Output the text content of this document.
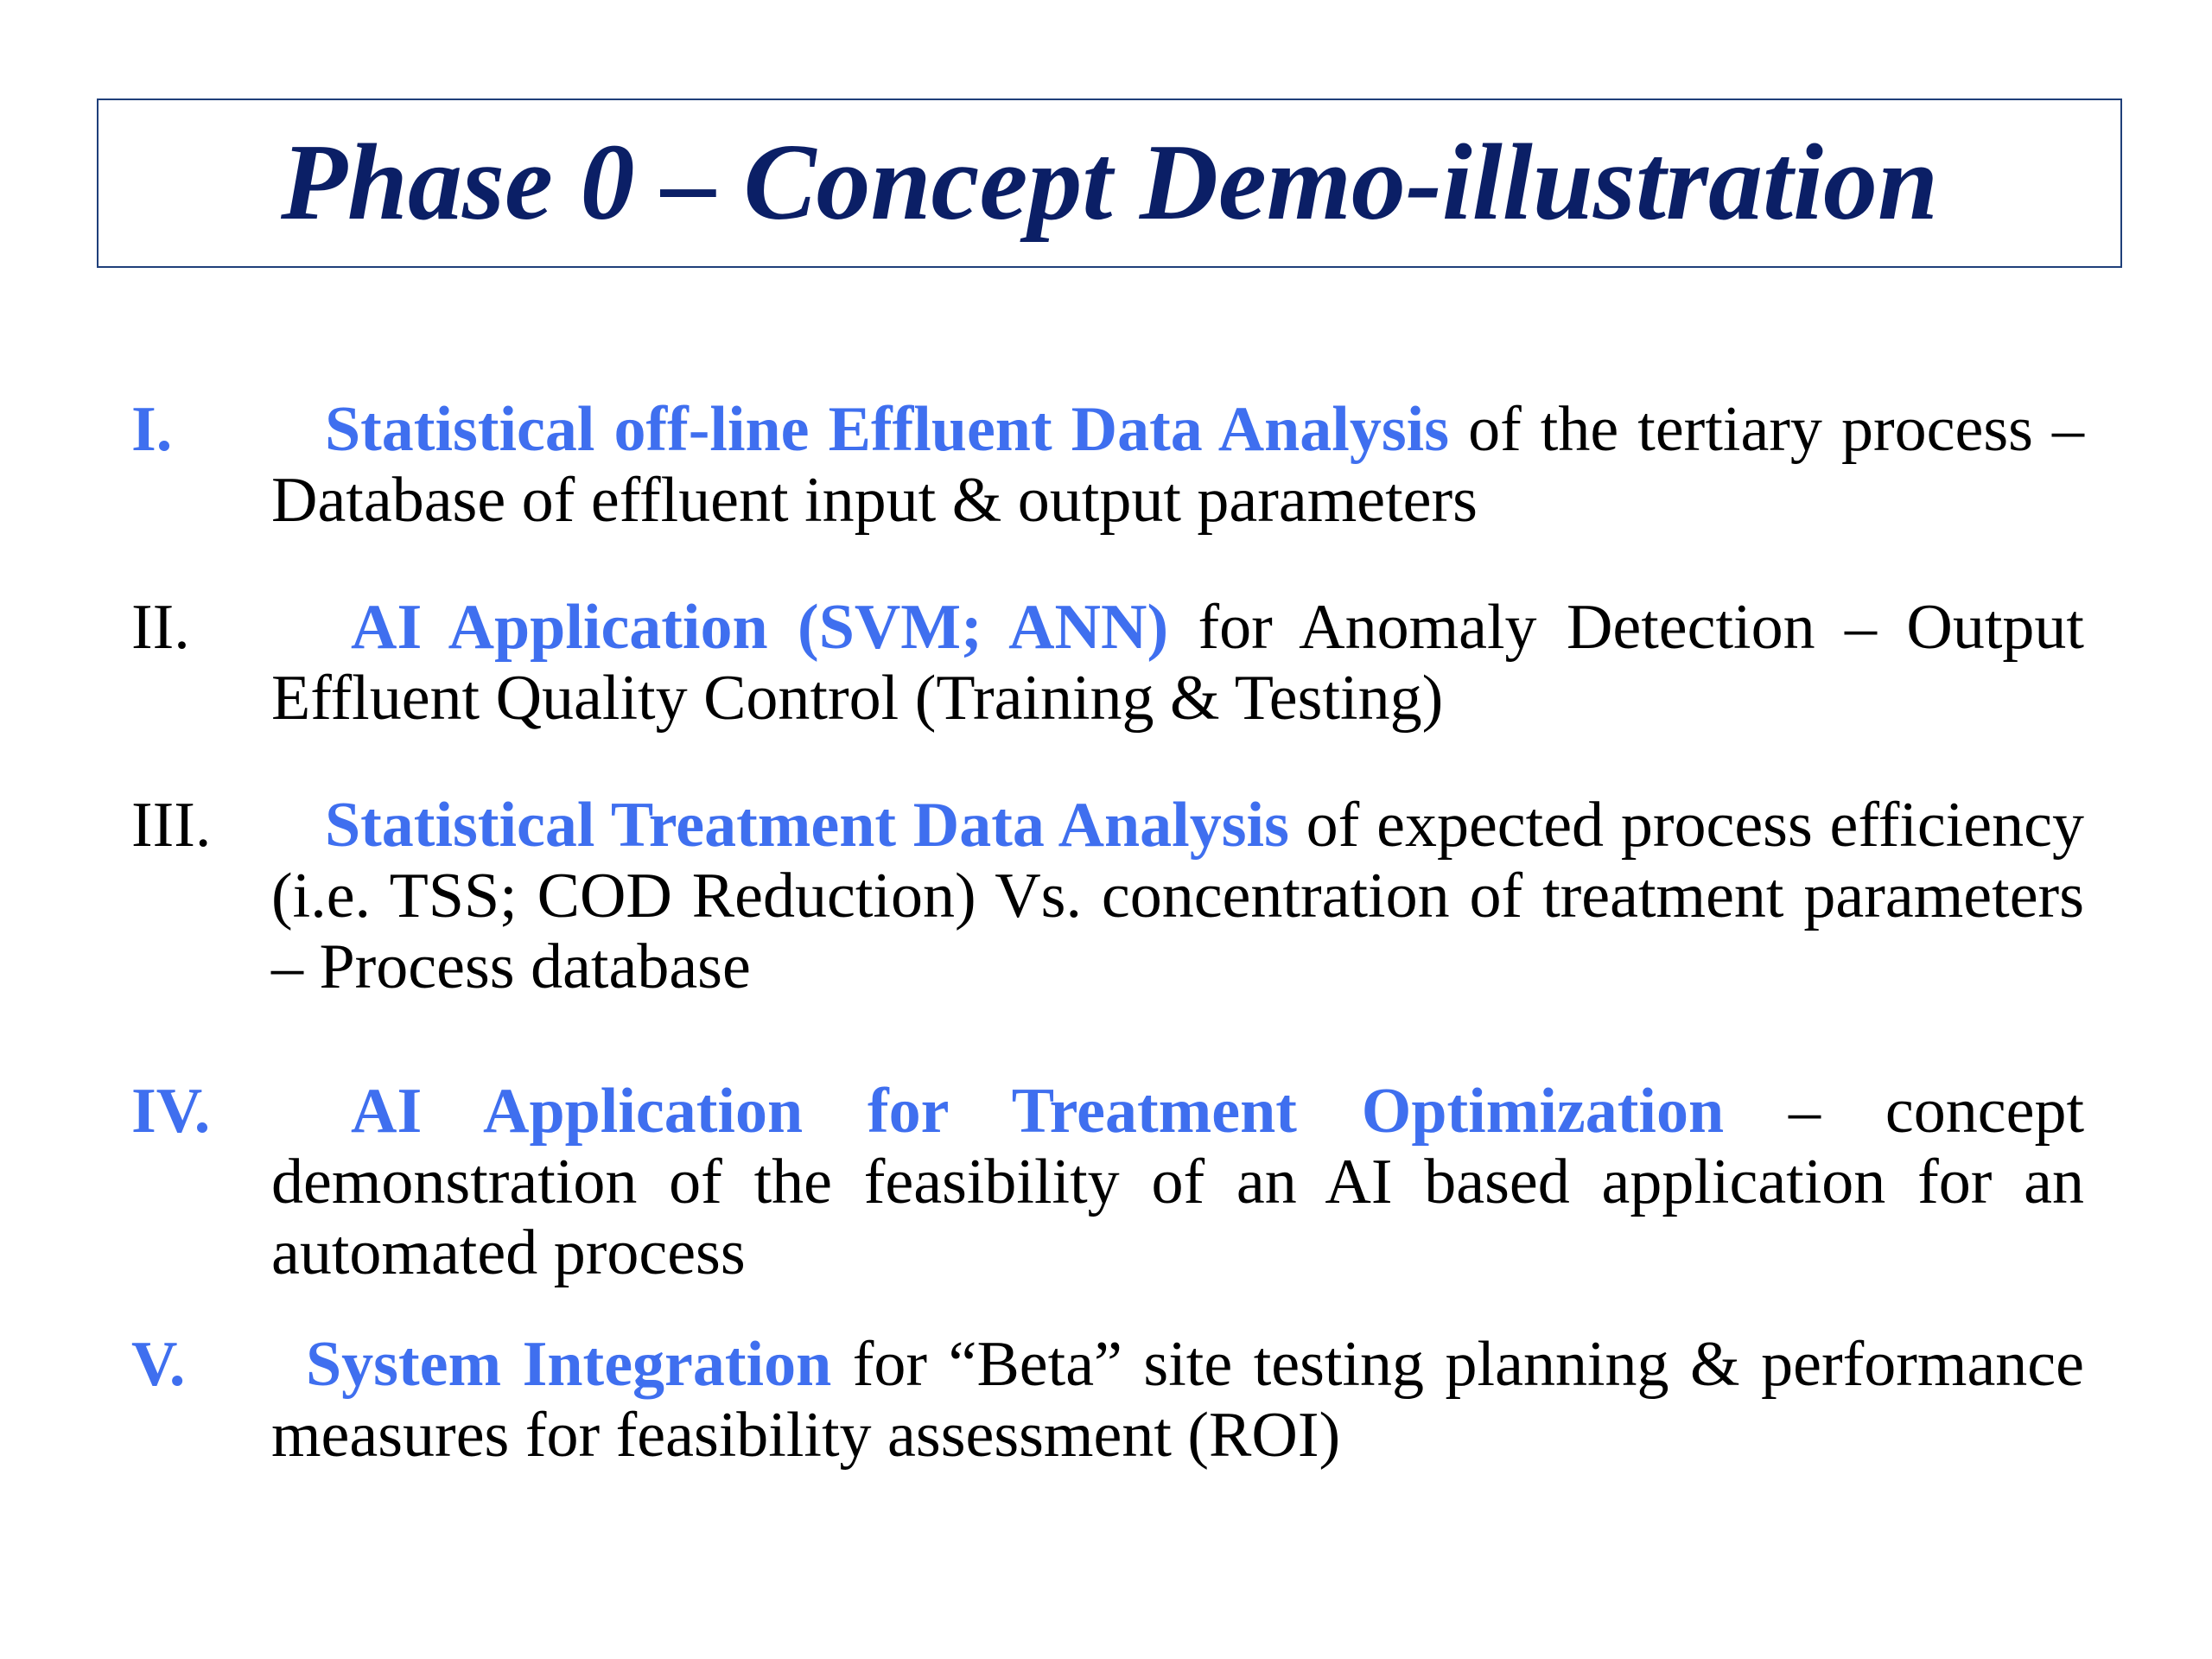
Phase 0 – Concept Demo-illustration
I.	Statistical off-line Effluent Data Analysis of the tertiary process – Database of effluent input & output parameters
II.	AI Application (SVM; ANN) for Anomaly Detection – Output Effluent Quality Control (Training & Testing)
III.	Statistical Treatment Data Analysis of expected process efficiency (i.e. TSS; COD Reduction) Vs. concentration of treatment parameters – Process database
IV.	AI Application for Treatment Optimization – concept demonstration of the feasibility of an AI based application for an automated process
V.	System Integration for “Beta” site testing planning & performance measures for feasibility assessment (ROI)
